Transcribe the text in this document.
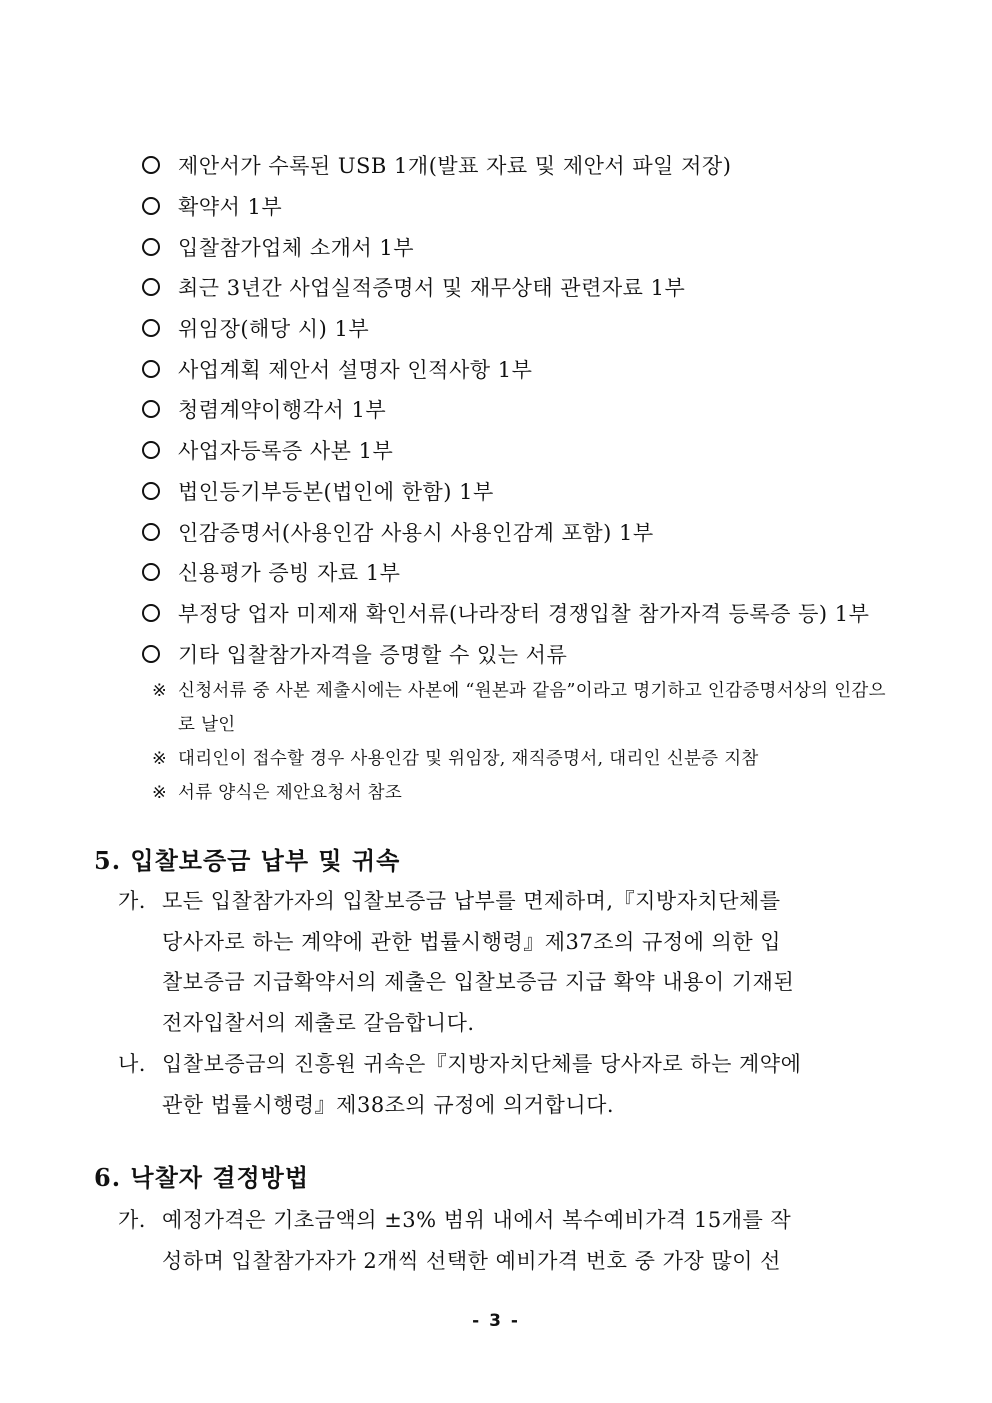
제안서가 수록된 USB 1개(발표 자료 및 제안서 파일 저장)
확약서 1부
입찰참가업체 소개서 1부
최근 3년간 사업실적증명서 및 재무상태 관련자료 1부
위임장(해당 시) 1부
사업계획 제안서 설명자 인적사항 1부
청렴계약이행각서 1부
사업자등록증 사본 1부
법인등기부등본(법인에 한함) 1부
인감증명서(사용인감 사용시 사용인감계 포함) 1부
신용평가 증빙 자료 1부
부정당 업자 미제재 확인서류(나라장터 경쟁입찰 참가자격 등록증 등) 1부
기타 입찰참가자격을 증명할 수 있는 서류
※ 신청서류 중 사본 제출시에는 사본에 “원본과 같음”이라고 명기하고 인감증명서상의 인감으로 날인
※ 대리인이 접수할 경우 사용인감 및 위임장, 재직증명서, 대리인 신분증 지참
※ 서류 양식은 제안요청서 참조
5. 입찰보증금 납부 및 귀속
가. 모든 입찰참가자의 입찰보증금 납부를 면제하며,『지방자치단체를
당사자로 하는 계약에 관한 법률시행령』제37조의 규정에 의한 입
찰보증금 지급확약서의 제출은 입찰보증금 지급 확약 내용이 기재된
전자입찰서의 제출로 갈음합니다.
나. 입찰보증금의 진흥원 귀속은『지방자치단체를 당사자로 하는 계약에
관한 법률시행령』제38조의 규정에 의거합니다.
6. 낙찰자 결정방법
가. 예정가격은 기초금액의 ±3% 범위 내에서 복수예비가격 15개를 작
성하며 입찰참가자가 2개씩 선택한 예비가격 번호 중 가장 많이 선
- 3 -
